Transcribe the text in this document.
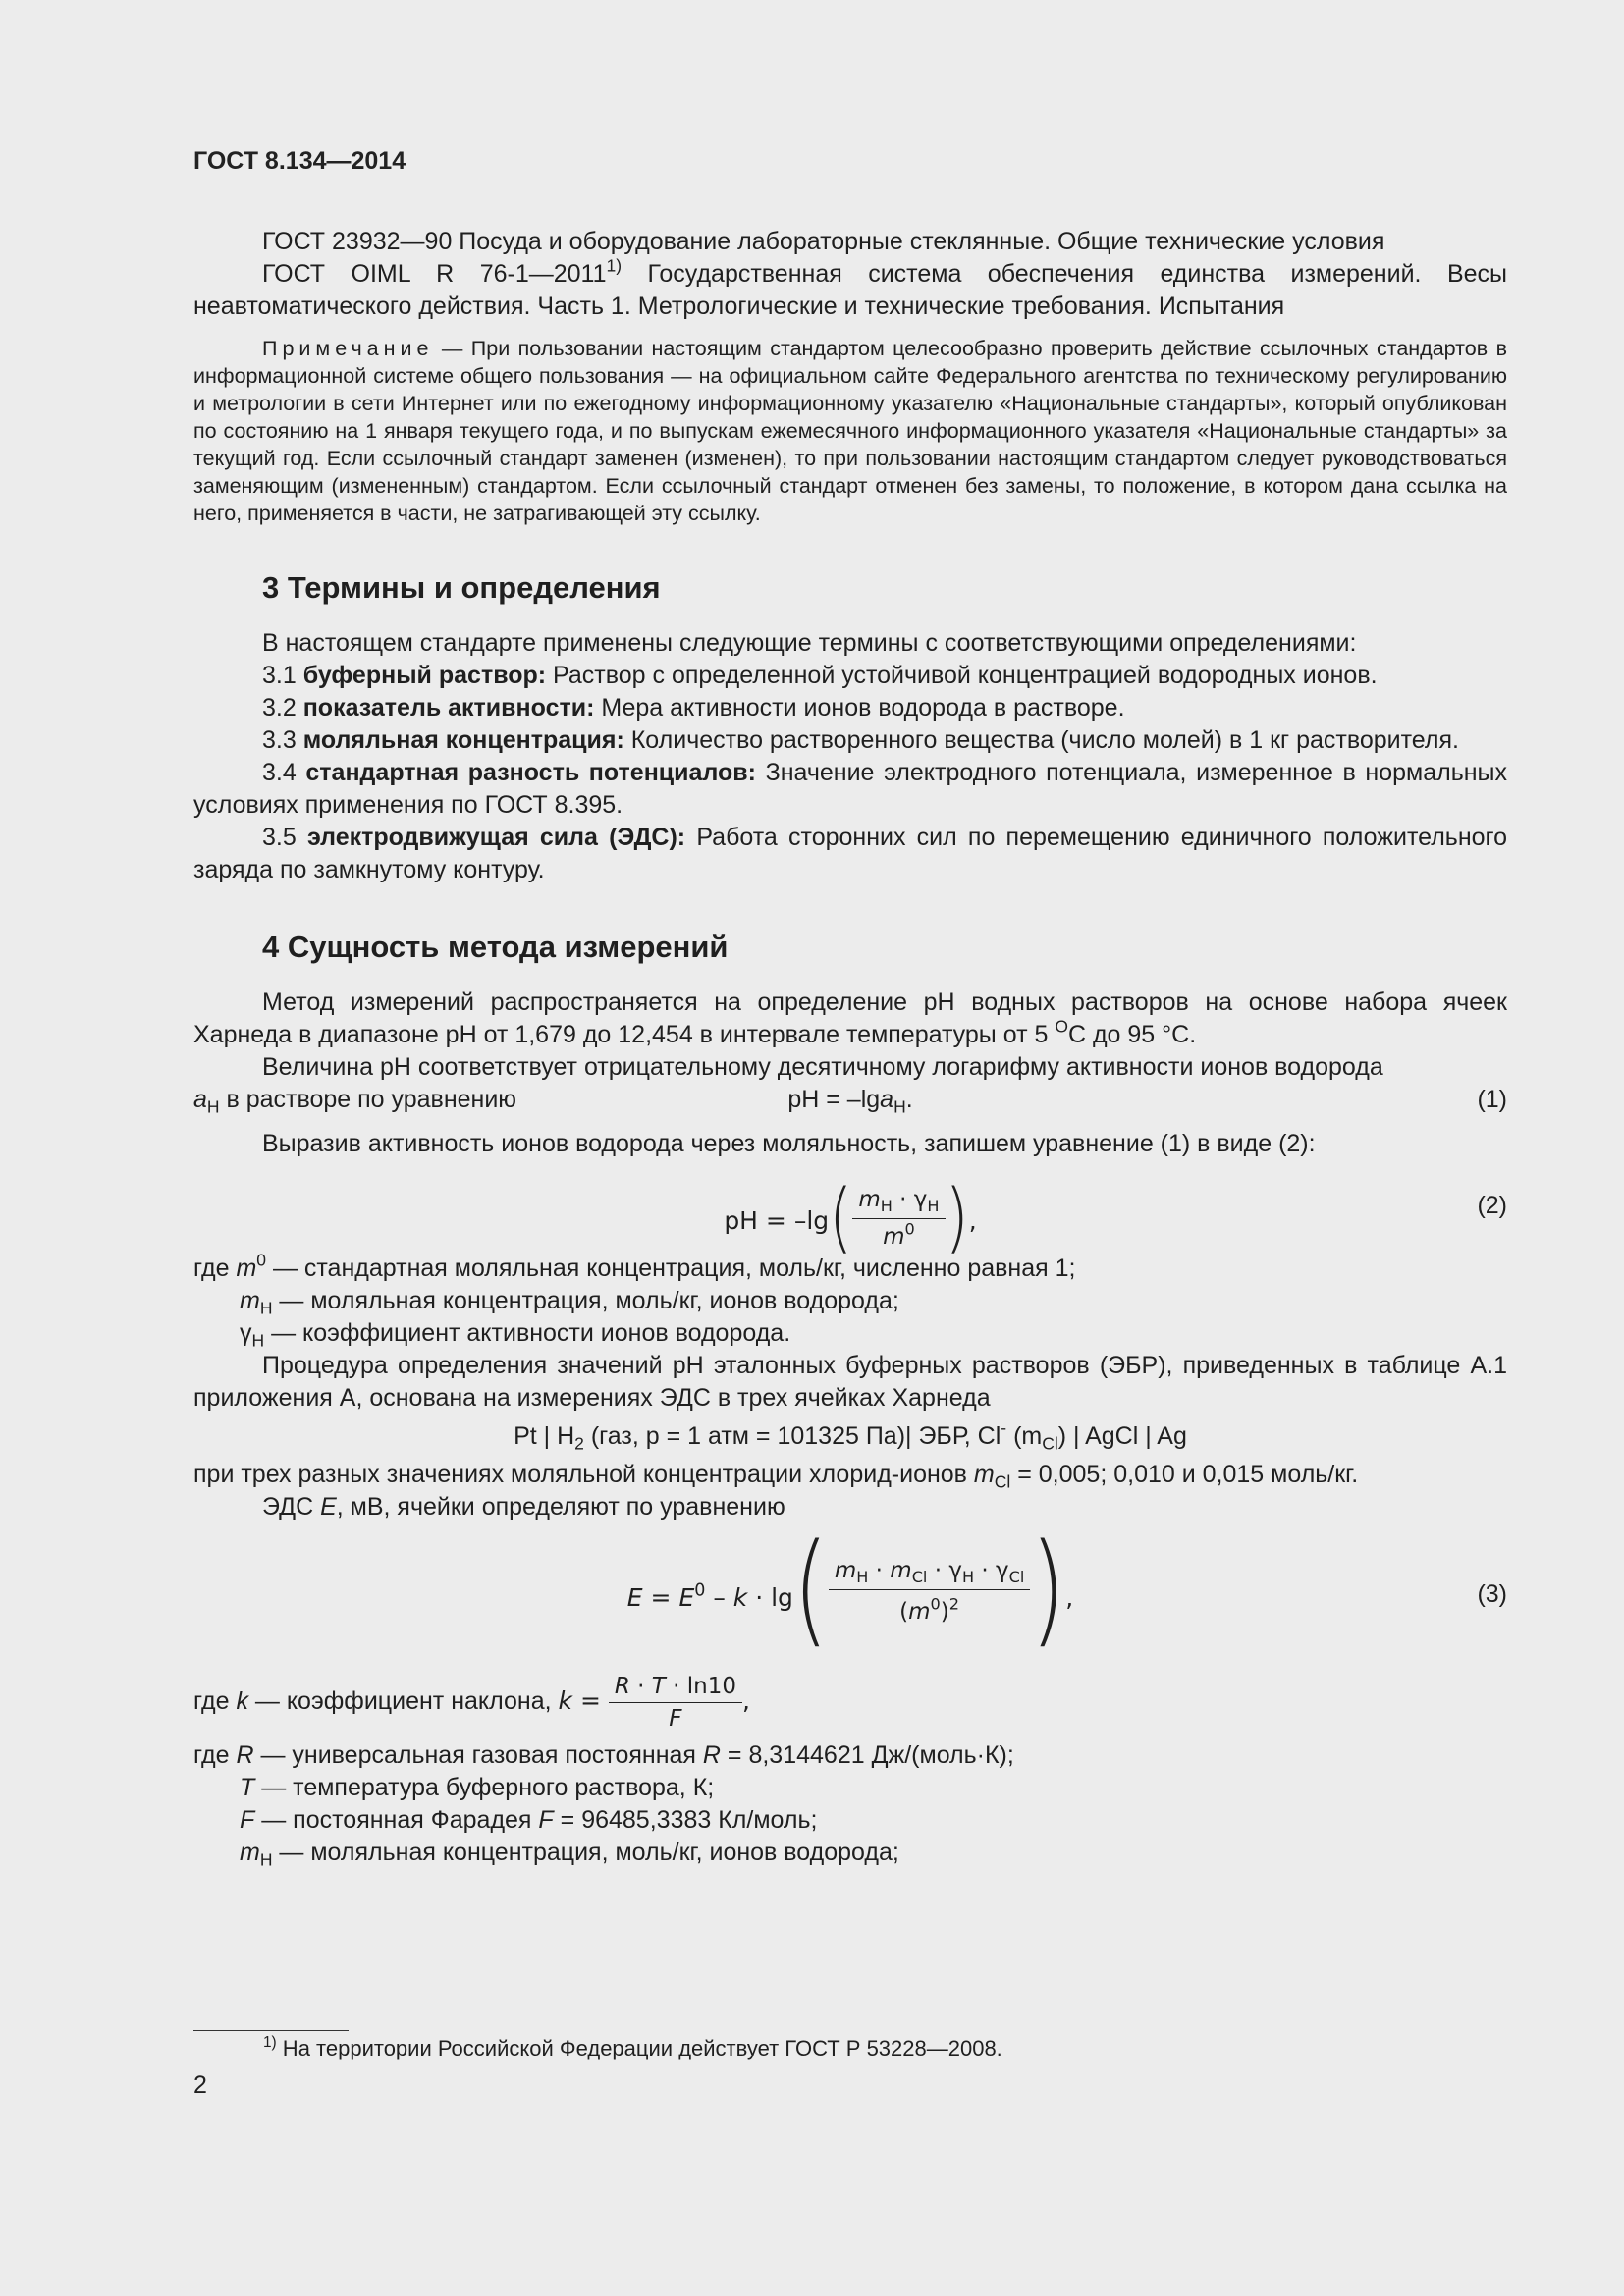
ГОСТ 8.134—2014

ГОСТ 23932—90 Посуда и оборудование лабораторные стеклянные. Общие технические условия

ГОСТ OIML R 76-1—2011$^{1)}$ Государственная система обеспечения единства измерений. Весы неавтоматического действия. Часть 1. Метрологические и технические требования. Испытания

Примечание — При пользовании настоящим стандартом целесообразно проверить действие ссылочных стандартов в информационной системе общего пользования — на официальном сайте Федерального агентства по техническому регулированию и метрологии в сети Интернет или по ежегодному информационному указателю «Национальные стандарты», который опубликован по состоянию на 1 января текущего года, и по выпускам ежемесячного информационного указателя «Национальные стандарты» за текущий год. Если ссылочный стандарт заменен (изменен), то при пользовании настоящим стандартом следует руководствоваться заменяющим (измененным) стандартом. Если ссылочный стандарт отменен без замены, то положение, в котором дана ссылка на него, применяется в части, не затрагивающей эту ссылку.

3 Термины и определения

В настоящем стандарте применены следующие термины с соответствующими определениями:

3.1 буферный раствор: Раствор с определенной устойчивой концентрацией водородных ионов.

3.2 показатель активности: Мера активности ионов водорода в растворе.

3.3 моляльная концентрация: Количество растворенного вещества (число молей) в 1 кг растворителя.

3.4 стандартная разность потенциалов: Значение электродного потенциала, измеренное в нормальных условиях применения по ГОСТ 8.395.

3.5 электродвижущая сила (ЭДС): Работа сторонних сил по перемещению единичного положительного заряда по замкнутому контуру.

4 Сущность метода измерений

Метод измерений распространяется на определение pH водных растворов на основе набора ячеек Харнеда в диапазоне pH от 1,679 до 12,454 в интервале температуры от 5 $^O$C до 95 °C.

Величина pH соответствует отрицательному десятичному логарифму активности ионов водорода

$a_H$ в растворе по уравнению	pH = –lga$_H$.	(1)

Выразив активность ионов водорода через моляльность, запишем уравнение (1) в виде (2):

pH = $-\lg( \frac{m_H \cdot \gamma_H}{m^0}$ ),
(2)

где $m^0$ — стандартная моляльная концентрация, моль/кг, численно равная 1;

$m_H$ — моляльная концентрация, моль/кг, ионов водорода;

$\gamma_H$ — коэффициент активности ионов водорода.

Процедура определения значений pH эталонных буферных растворов (ЭБР), приведенных в таблице А.1 приложения А, основана на измерениях ЭДС в трех ячейках Харнеда

Pt | $H_2$ (газ, p = 1 атм = 101325 Па)| ЭБР, Cl- $(m_{Cl})$ | AgCl | Ag

при трех разных значениях моляльной концентрации хлорид-ионов $m_{Cl} = 0,005$; 0,010 и 0,015 моль/кг.

ЭДС E, мВ, ячейки определяют по уравнению

$E = E^0 - k \cdot \lg( \frac{m_H \cdot m_{Cl} \cdot \gamma_H \cdot \gamma_{Cl}}{(m^0)^2}$ ),	(3)

где k — коэффициент наклона, $k = \frac{R \cdot T \cdot \ln 10}{F}$ ,

где R — универсальная газовая постоянная R = 8,3144621 Дж/(моль·К);

T — температура буферного раствора, К;

F — постоянная Фарадея F = 96485,3383 Кл/моль;

$m_H$ — моляльная концентрация, моль/кг, ионов водорода;

$^{1)}$ На территории Российской Федерации действует ГОСТ Р 53228—2008.
2
